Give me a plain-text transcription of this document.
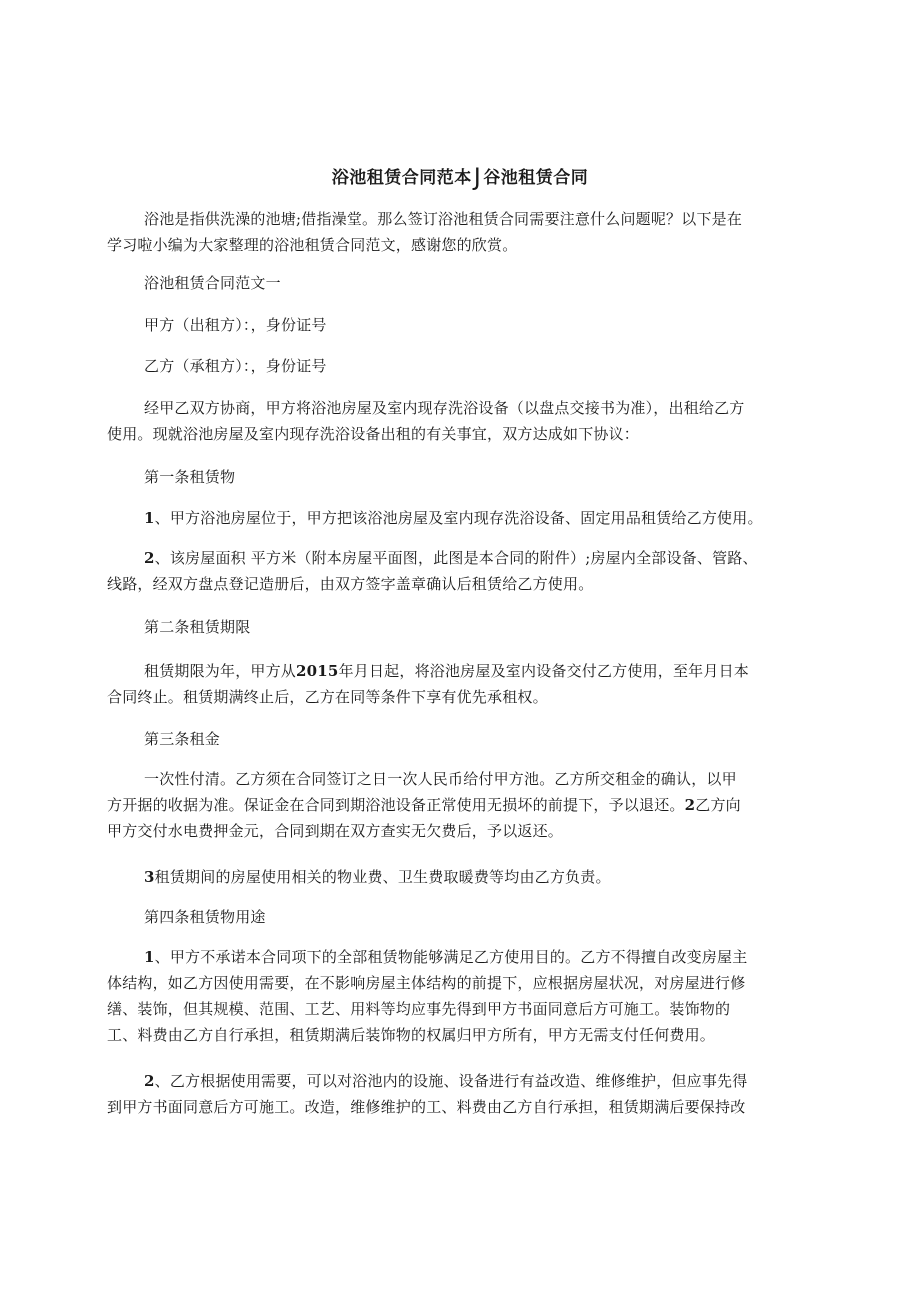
浴池租赁合同范本J 谷池租赁合同
浴池是指供洗澡的池塘;借指澡堂。那么签订浴池租赁合同需要注意什么问题呢？以下是在
学习啦小编为大家整理的浴池租赁合同范文，感谢您的欣赏。
浴池租赁合同范文一
甲方（出租方）：，身份证号
乙方（承租方）：，身份证号
经甲乙双方协商，甲方将浴池房屋及室内现存洗浴设备（以盘点交接书为准），出租给乙方
使用。现就浴池房屋及室内现存洗浴设备出租的有关事宜，双方达成如下协议：
第一条租赁物
1、甲方浴池房屋位于，甲方把该浴池房屋及室内现存洗浴设备、固定用品租赁给乙方使用。
2、该房屋面积 平方米（附本房屋平面图，此图是本合同的附件）;房屋内全部设备、管路、
线路，经双方盘点登记造册后，由双方签字盖章确认后租赁给乙方使用。
第二条租赁期限
租赁期限为年，甲方从2015年月日起，将浴池房屋及室内设备交付乙方使用，至年月日本
合同终止。租赁期满终止后，乙方在同等条件下享有优先承租权。
第三条租金
一次性付清。乙方须在合同签订之日一次人民币给付甲方池。乙方所交租金的确认，以甲
方开据的收据为准。保证金在合同到期浴池设备正常使用无损坏的前提下，予以退还。2乙方向
甲方交付水电费押金元，合同到期在双方查实无欠费后，予以返还。
3租赁期间的房屋使用相关的物业费、卫生费取暖费等均由乙方负责。
第四条租赁物用途
1、甲方不承诺本合同项下的全部租赁物能够满足乙方使用目的。乙方不得擅自改变房屋主
体结构，如乙方因使用需要，在不影响房屋主体结构的前提下，应根据房屋状况，对房屋进行修
缮、装饰，但其规模、范围、工艺、用料等均应事先得到甲方书面同意后方可施工。装饰物的
工、料费由乙方自行承担，租赁期满后装饰物的权属归甲方所有，甲方无需支付任何费用。
2、乙方根据使用需要，可以对浴池内的设施、设备进行有益改造、维修维护，但应事先得
到甲方书面同意后方可施工。改造，维修维护的工、料费由乙方自行承担，租赁期满后要保持改
